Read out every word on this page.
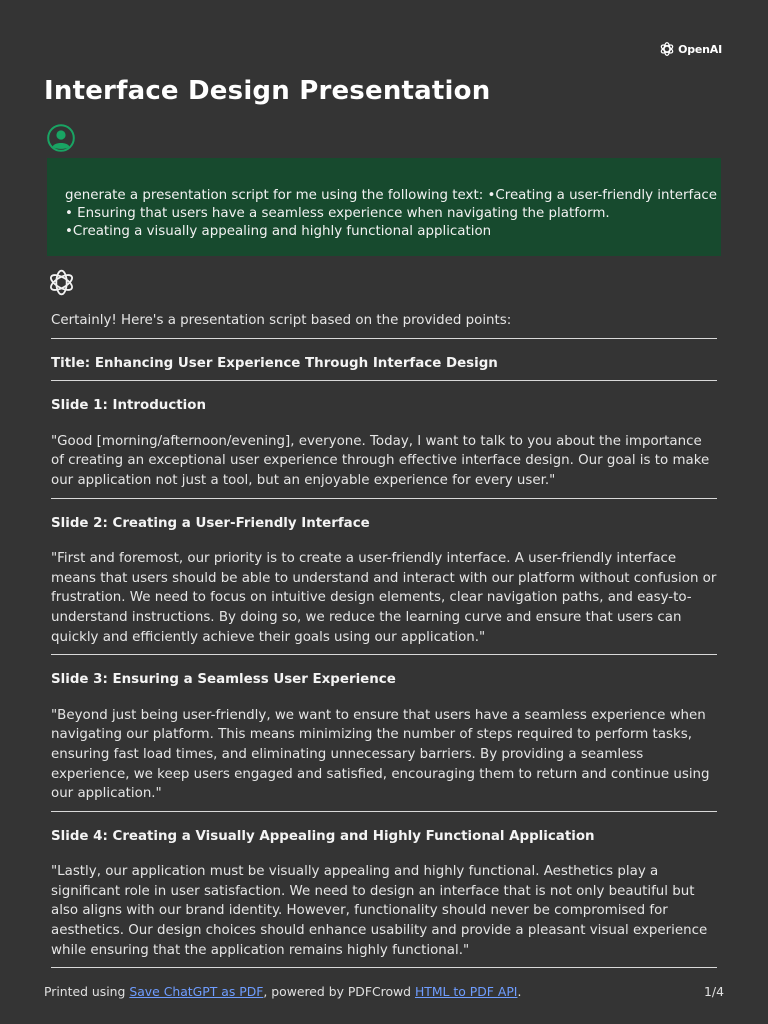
OpenAI
Interface Design Presentation
generate a presentation script for me using the following text: •Creating a user-friendly interface
• Ensuring that users have a seamless experience when navigating the platform.
•Creating a visually appealing and highly functional application

Certainly! Here's a presentation script based on the provided points:

Title: Enhancing User Experience Through Interface Design

Slide 1: Introduction

"Good [morning/afternoon/evening], everyone. Today, I want to talk to you about the importance of creating an exceptional user experience through effective interface design. Our goal is to make our application not just a tool, but an enjoyable experience for every user."

Slide 2: Creating a User-Friendly Interface

"First and foremost, our priority is to create a user-friendly interface. A user-friendly interface means that users should be able to understand and interact with our platform without confusion or frustration. We need to focus on intuitive design elements, clear navigation paths, and easy-to-understand instructions. By doing so, we reduce the learning curve and ensure that users can quickly and efficiently achieve their goals using our application."

Slide 3: Ensuring a Seamless User Experience

"Beyond just being user-friendly, we want to ensure that users have a seamless experience when navigating our platform. This means minimizing the number of steps required to perform tasks, ensuring fast load times, and eliminating unnecessary barriers. By providing a seamless experience, we keep users engaged and satisfied, encouraging them to return and continue using our application."

Slide 4: Creating a Visually Appealing and Highly Functional Application

"Lastly, our application must be visually appealing and highly functional. Aesthetics play a significant role in user satisfaction. We need to design an interface that is not only beautiful but also aligns with our brand identity. However, functionality should never be compromised for aesthetics. Our design choices should enhance usability and provide a pleasant visual experience while ensuring that the application remains highly functional."

Printed using Save ChatGPT as PDF, powered by PDFCrowd HTML to PDF API.	1/4
